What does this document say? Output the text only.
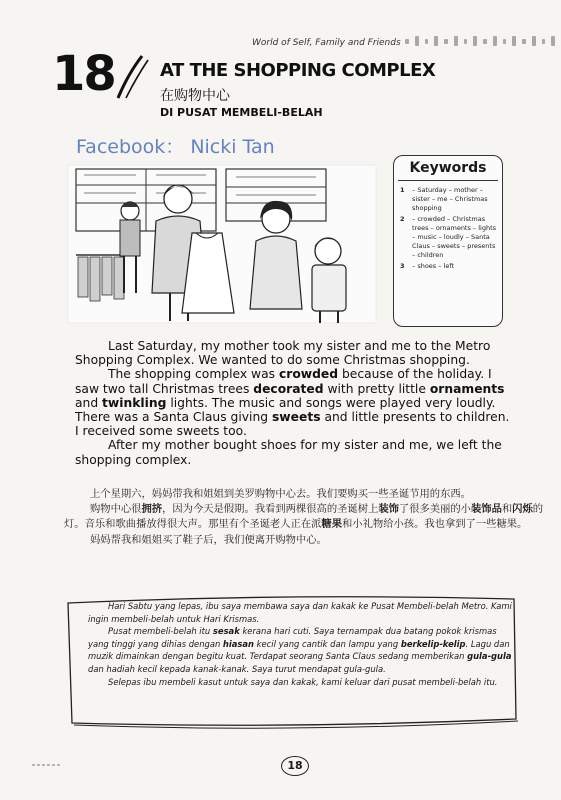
World of Self, Family and Friends
18	AT THE SHOPPING COMPLEX
在购物中心
DI PUSAT MEMBELI-BELAH
Facebook： Nicki Tan
Keywords
1 – Saturday – mother – sister – me – Christmas shopping
2 – crowded – Christmas trees – ornaments – lights – music – loudly – Santa Claus – sweets – presents – children
3 – shoes – left

Last Saturday, my mother took my sister and me to the Metro Shopping Complex. We wanted to do some Christmas shopping.

The shopping complex was crowded because of the holiday. I saw two tall Christmas trees decorated with pretty little ornaments and twinkling lights. The music and songs were played very loudly. There was a Santa Claus giving sweets and little presents to children. I received some sweets too.

After my mother bought shoes for my sister and me, we left the shopping complex.

上个星期六，妈妈带我和姐姐到美罗购物中心去。我们要购买一些圣诞节用的东西。

购物中心很拥挤，因为今天是假期。我看到两棵很高的圣诞树上装饰了很多美丽的小装饰品和闪烁的灯。音乐和歌曲播放得很大声。那里有个圣诞老人正在派糖果和小礼物给小孩。我也拿到了一些糖果。

妈妈帮我和姐姐买了鞋子后，我们便离开购物中心。

Hari Sabtu yang lepas, ibu saya membawa saya dan kakak ke Pusat Membeli-belah Metro. Kami ingin membeli-belah untuk Hari Krismas.

Pusat membeli-belah itu sesak kerana hari cuti. Saya ternampak dua batang pokok krismas yang tinggi yang dihias dengan hiasan kecil yang cantik dan lampu yang berkelip-kelip. Lagu dan muzik dimainkan dengan begitu kuat. Terdapat seorang Santa Claus sedang memberikan gula-gula dan hadiah kecil kepada kanak-kanak. Saya turut mendapat gula-gula.

Selepas ibu membeli kasut untuk saya dan kakak, kami keluar dari pusat membeli-belah itu.

18
